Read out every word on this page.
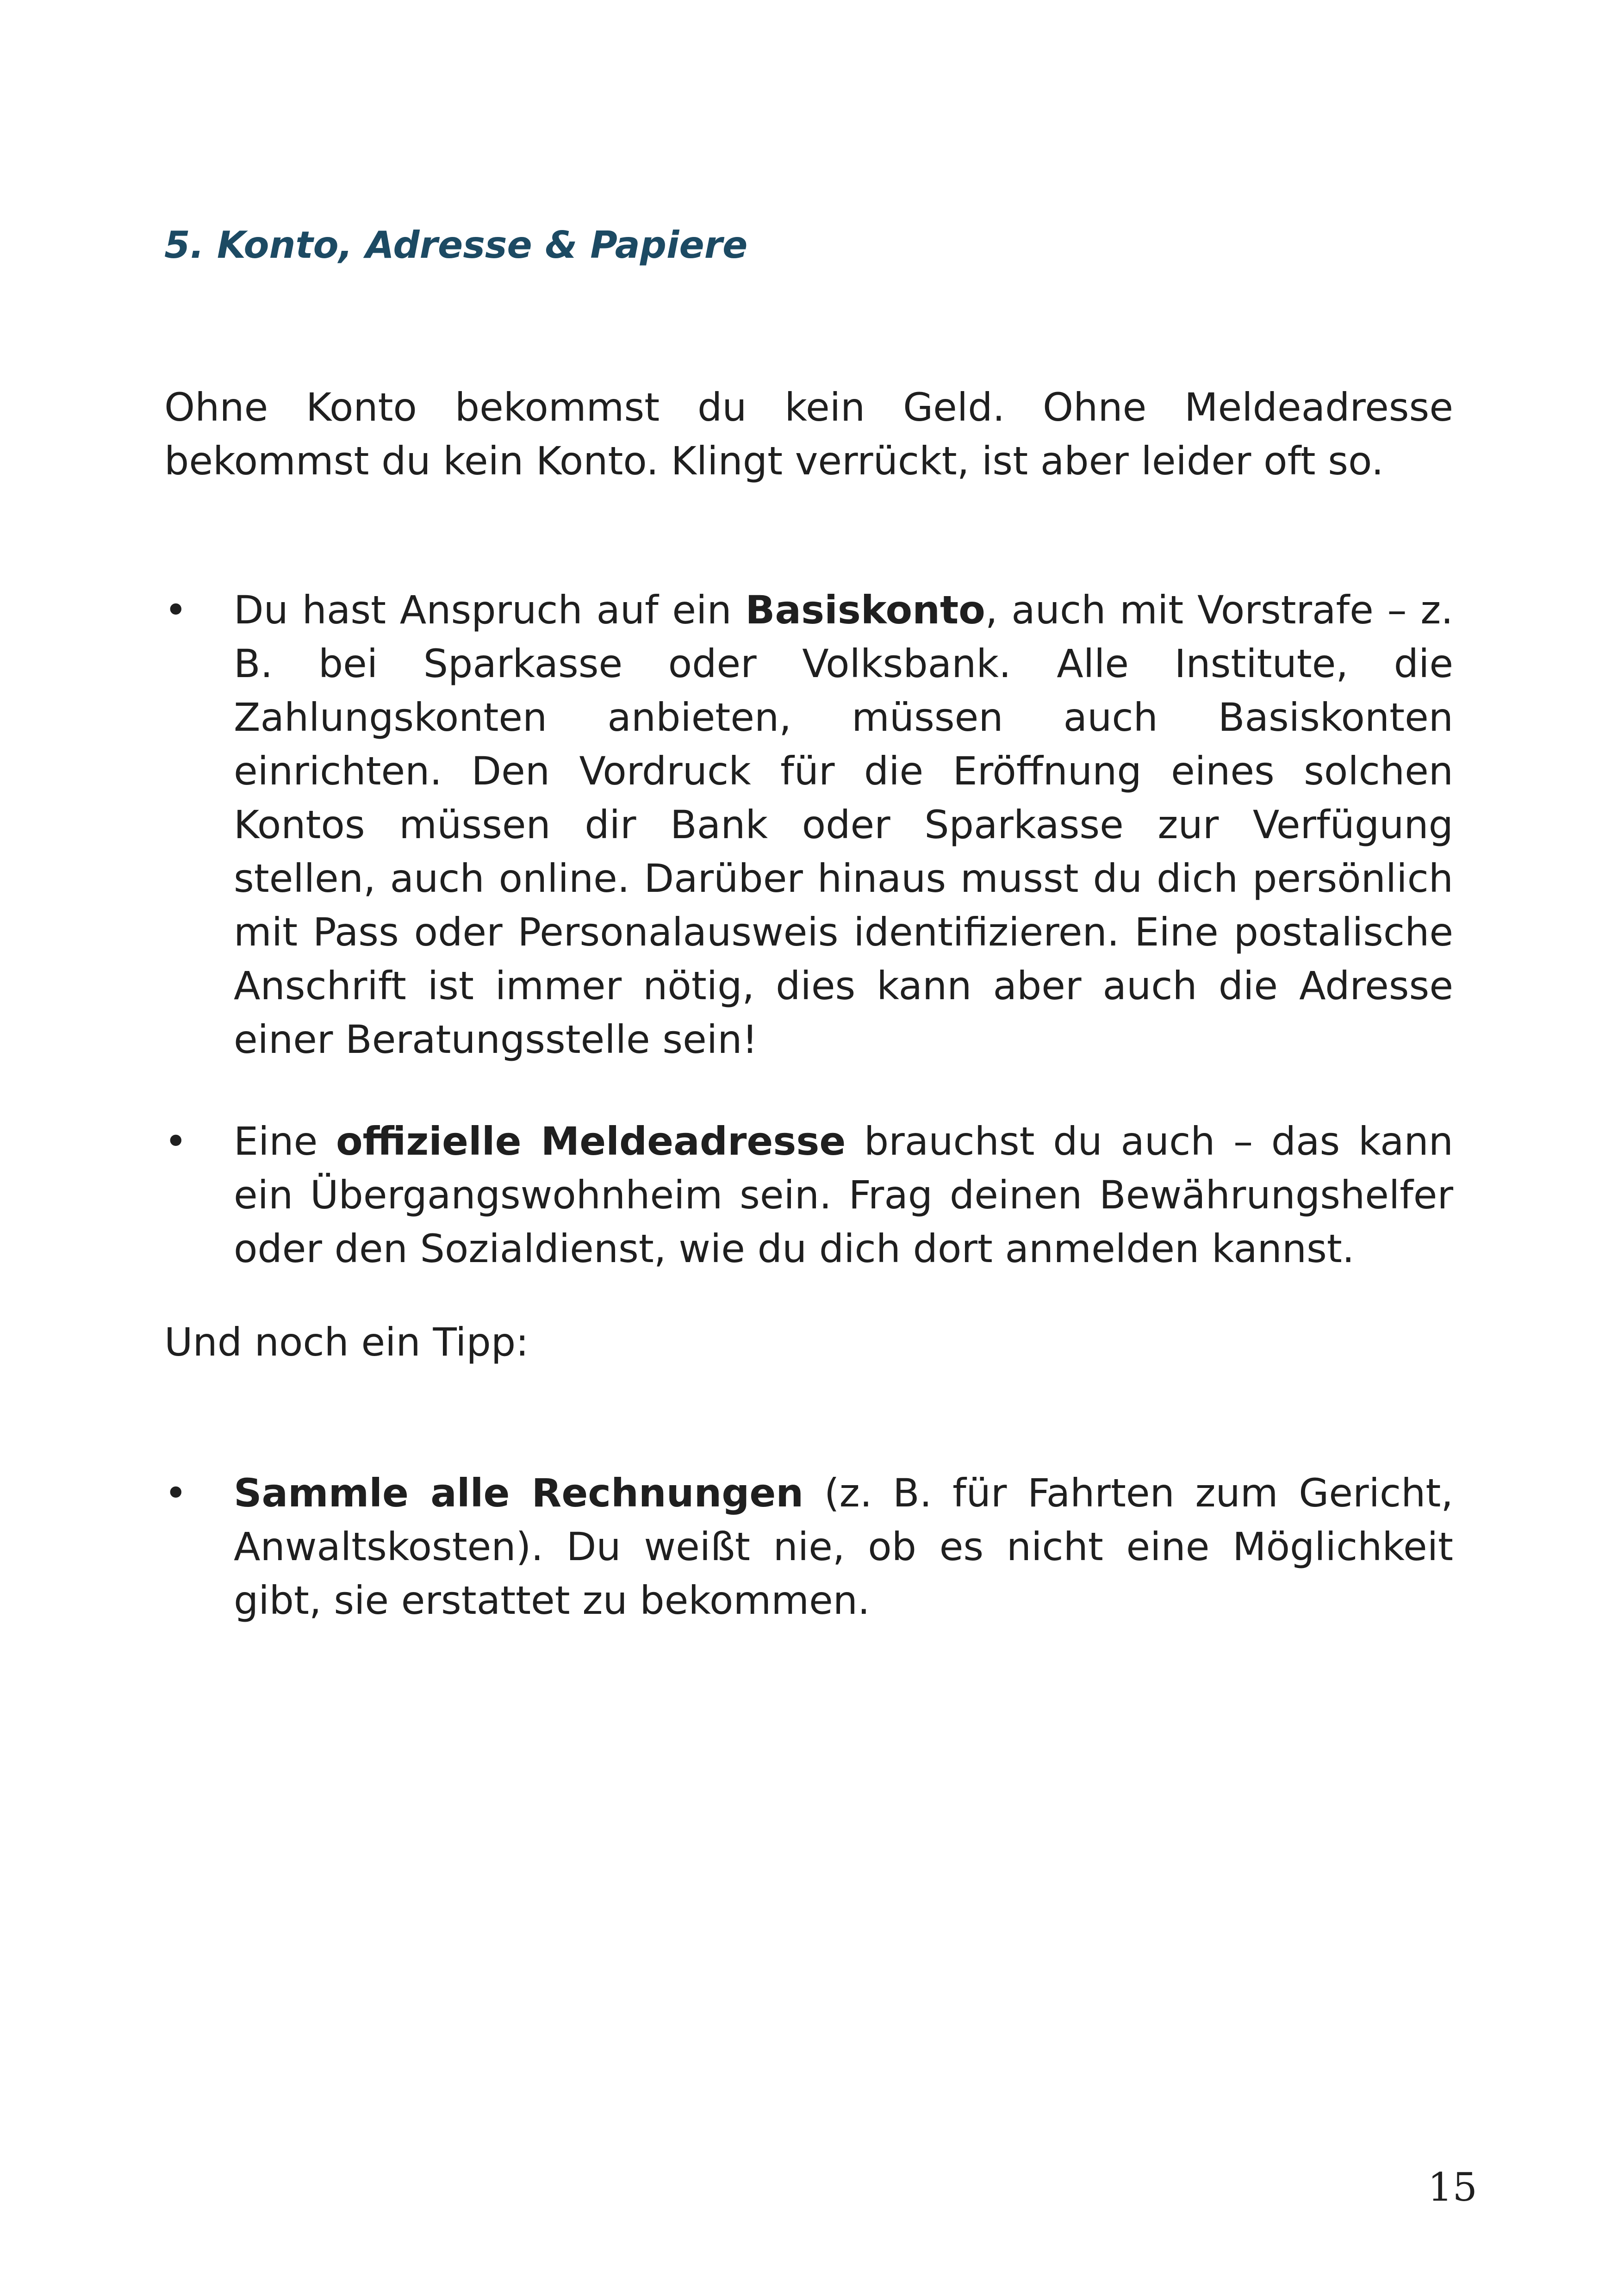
5. Konto, Adresse & Papiere

Ohne Konto bekommst du kein Geld. Ohne Meldeadresse bekommst du kein Konto. Klingt verrückt, ist aber leider oft so.

• Du hast Anspruch auf ein Basiskonto, auch mit Vorstrafe – z. B. bei Sparkasse oder Volksbank. Alle Institute, die Zahlungskonten anbieten, müssen auch Basiskonten einrichten. Den Vordruck für die Eröffnung eines solchen Kontos müssen dir Bank oder Sparkasse zur Verfügung stellen, auch online. Darüber hinaus musst du dich persönlich mit Pass oder Personalausweis identifizieren. Eine postalische Anschrift ist immer nötig, dies kann aber auch die Adresse einer Beratungsstelle sein!

• Eine offizielle Meldeadresse brauchst du auch – das kann ein Übergangswohnheim sein. Frag deinen Bewährungshelfer oder den Sozialdienst, wie du dich dort anmelden kannst.

Und noch ein Tipp:

• Sammle alle Rechnungen (z. B. für Fahrten zum Gericht, Anwaltskosten). Du weißt nie, ob es nicht eine Möglichkeit gibt, sie erstattet zu bekommen.

15
